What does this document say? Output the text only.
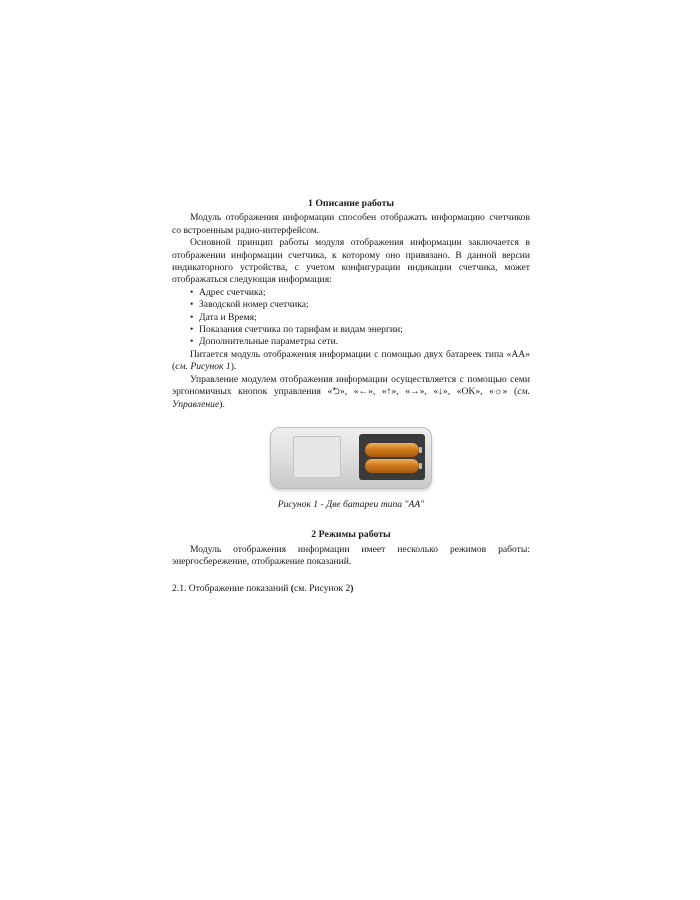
1 Описание работы

Модуль отображения информации способен отображать информацию счетчиков со встроенным радио-интерфейсом.

Основной принцип работы модуля отображения информации заключается в отображении информации счетчика, к которому оно привязано. В данной версии индикаторного устройства, с учетом конфигурации индикации счетчика, может отображаться следующая информация:

• Адрес счетчика;
• Заводской номер счетчика;
• Дата и Время;
• Показания счетчика по тарифам и видам энергии;
• Дополнительные параметры сети.

Питается модуль отображения информации с помощью двух батареек типа «АА» (см. Рисунок 1).

Управление модулем отображения информации осуществляется с помощью семи эргономичных кнопок управления «⮌», «←», «↑», «→», «↓», «OK», «☼» (см. Управление).

Рисунок 1 - Две батареи типа "АА"
2 Режимы работы

Модуль отображения информации имеет несколько режимов работы: энергосбережение, отображение показаний.

2.1. Отображение показаний (см. Рисунок 2)
